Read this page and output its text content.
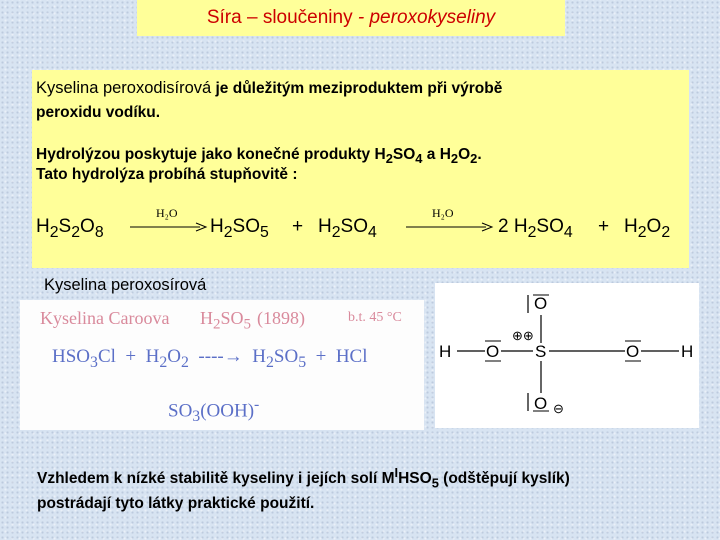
Síra – sloučeniny - peroxokyseliny
Kyselina peroxodisírová je důležitým meziproduktem při výrobě
peroxidu vodíku.
Hydrolýzou poskytuje jako konečné produkty $H_2SO_4$ a $H_2O_2$.
Tato hydrolýza probíhá stupňovitě :
$H_2S_2O_8$
H₂O
$H_2SO_5 + H_2SO_4$
H₂O
2 $H_2SO_4 + H_2O_2$
Kyselina peroxosírová
Kyselina Caroova $H_2SO_5$ (1898)	b.t. 45 °C
$HSO_3Cl + H_2O_2$ ----→ $H_2SO_5$ + HCl
$SO_3(OOH)^-$
H O S	O H
O
O
⊕⊕
⊖
Vzhledem k nízké stabilitě kyseliny i jejích solí $M^IHSO_5$ (odštěpují kyslík)
postrádají tyto látky praktické použití.
